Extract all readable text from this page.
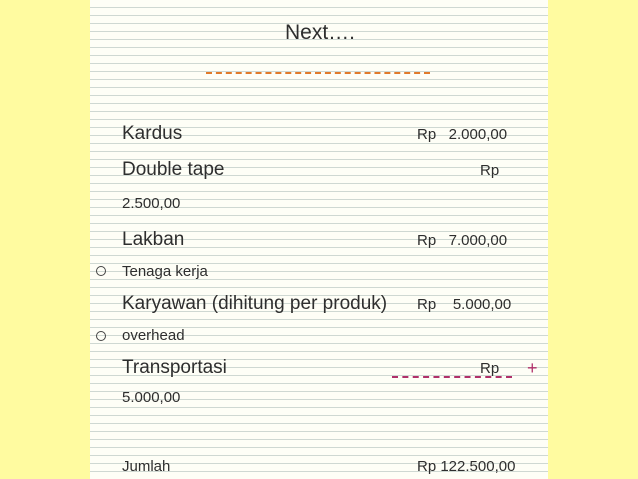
Next….
Kardus	Rp   2.000,00
Double tape	Rp
2.500,00
Lakban	Rp   7.000,00
Tenaga kerja
Karyawan (dihitung per produk) Rp    5.000,00
overhead
Transportasi	Rp +
5.000,00
Jumlah	Rp 122.500,00
